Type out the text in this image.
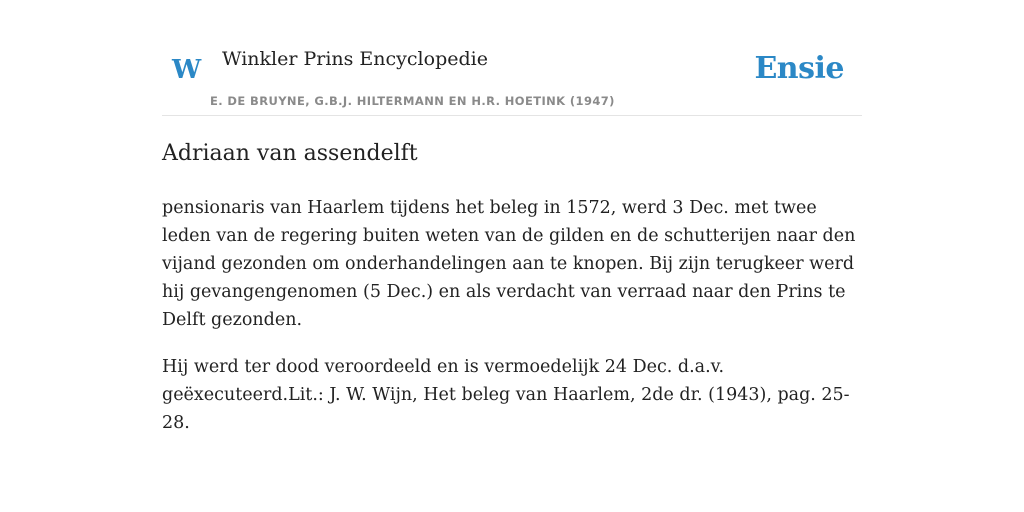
W Winkler Prins Encyclopedie
E. DE BRUYNE, G.B.J. HILTERMANN EN H.R. HOETINK (1947)
Ensie
Adriaan van assendelft

pensionaris van Haarlem tijdens het beleg in 1572, werd 3 Dec. met twee leden van de regering buiten weten van de gilden en de schutterijen naar den vijand gezonden om onderhandelingen aan te knopen. Bij zijn terugkeer werd hij gevangengenomen (5 Dec.) en als verdacht van verraad naar den Prins te Delft gezonden.

Hij werd ter dood veroordeeld en is vermoedelijk 24 Dec. d.a.v. geëxecuteerd.Lit.: J. W. Wijn, Het beleg van Haarlem, 2de dr. (1943), pag. 25-28.
